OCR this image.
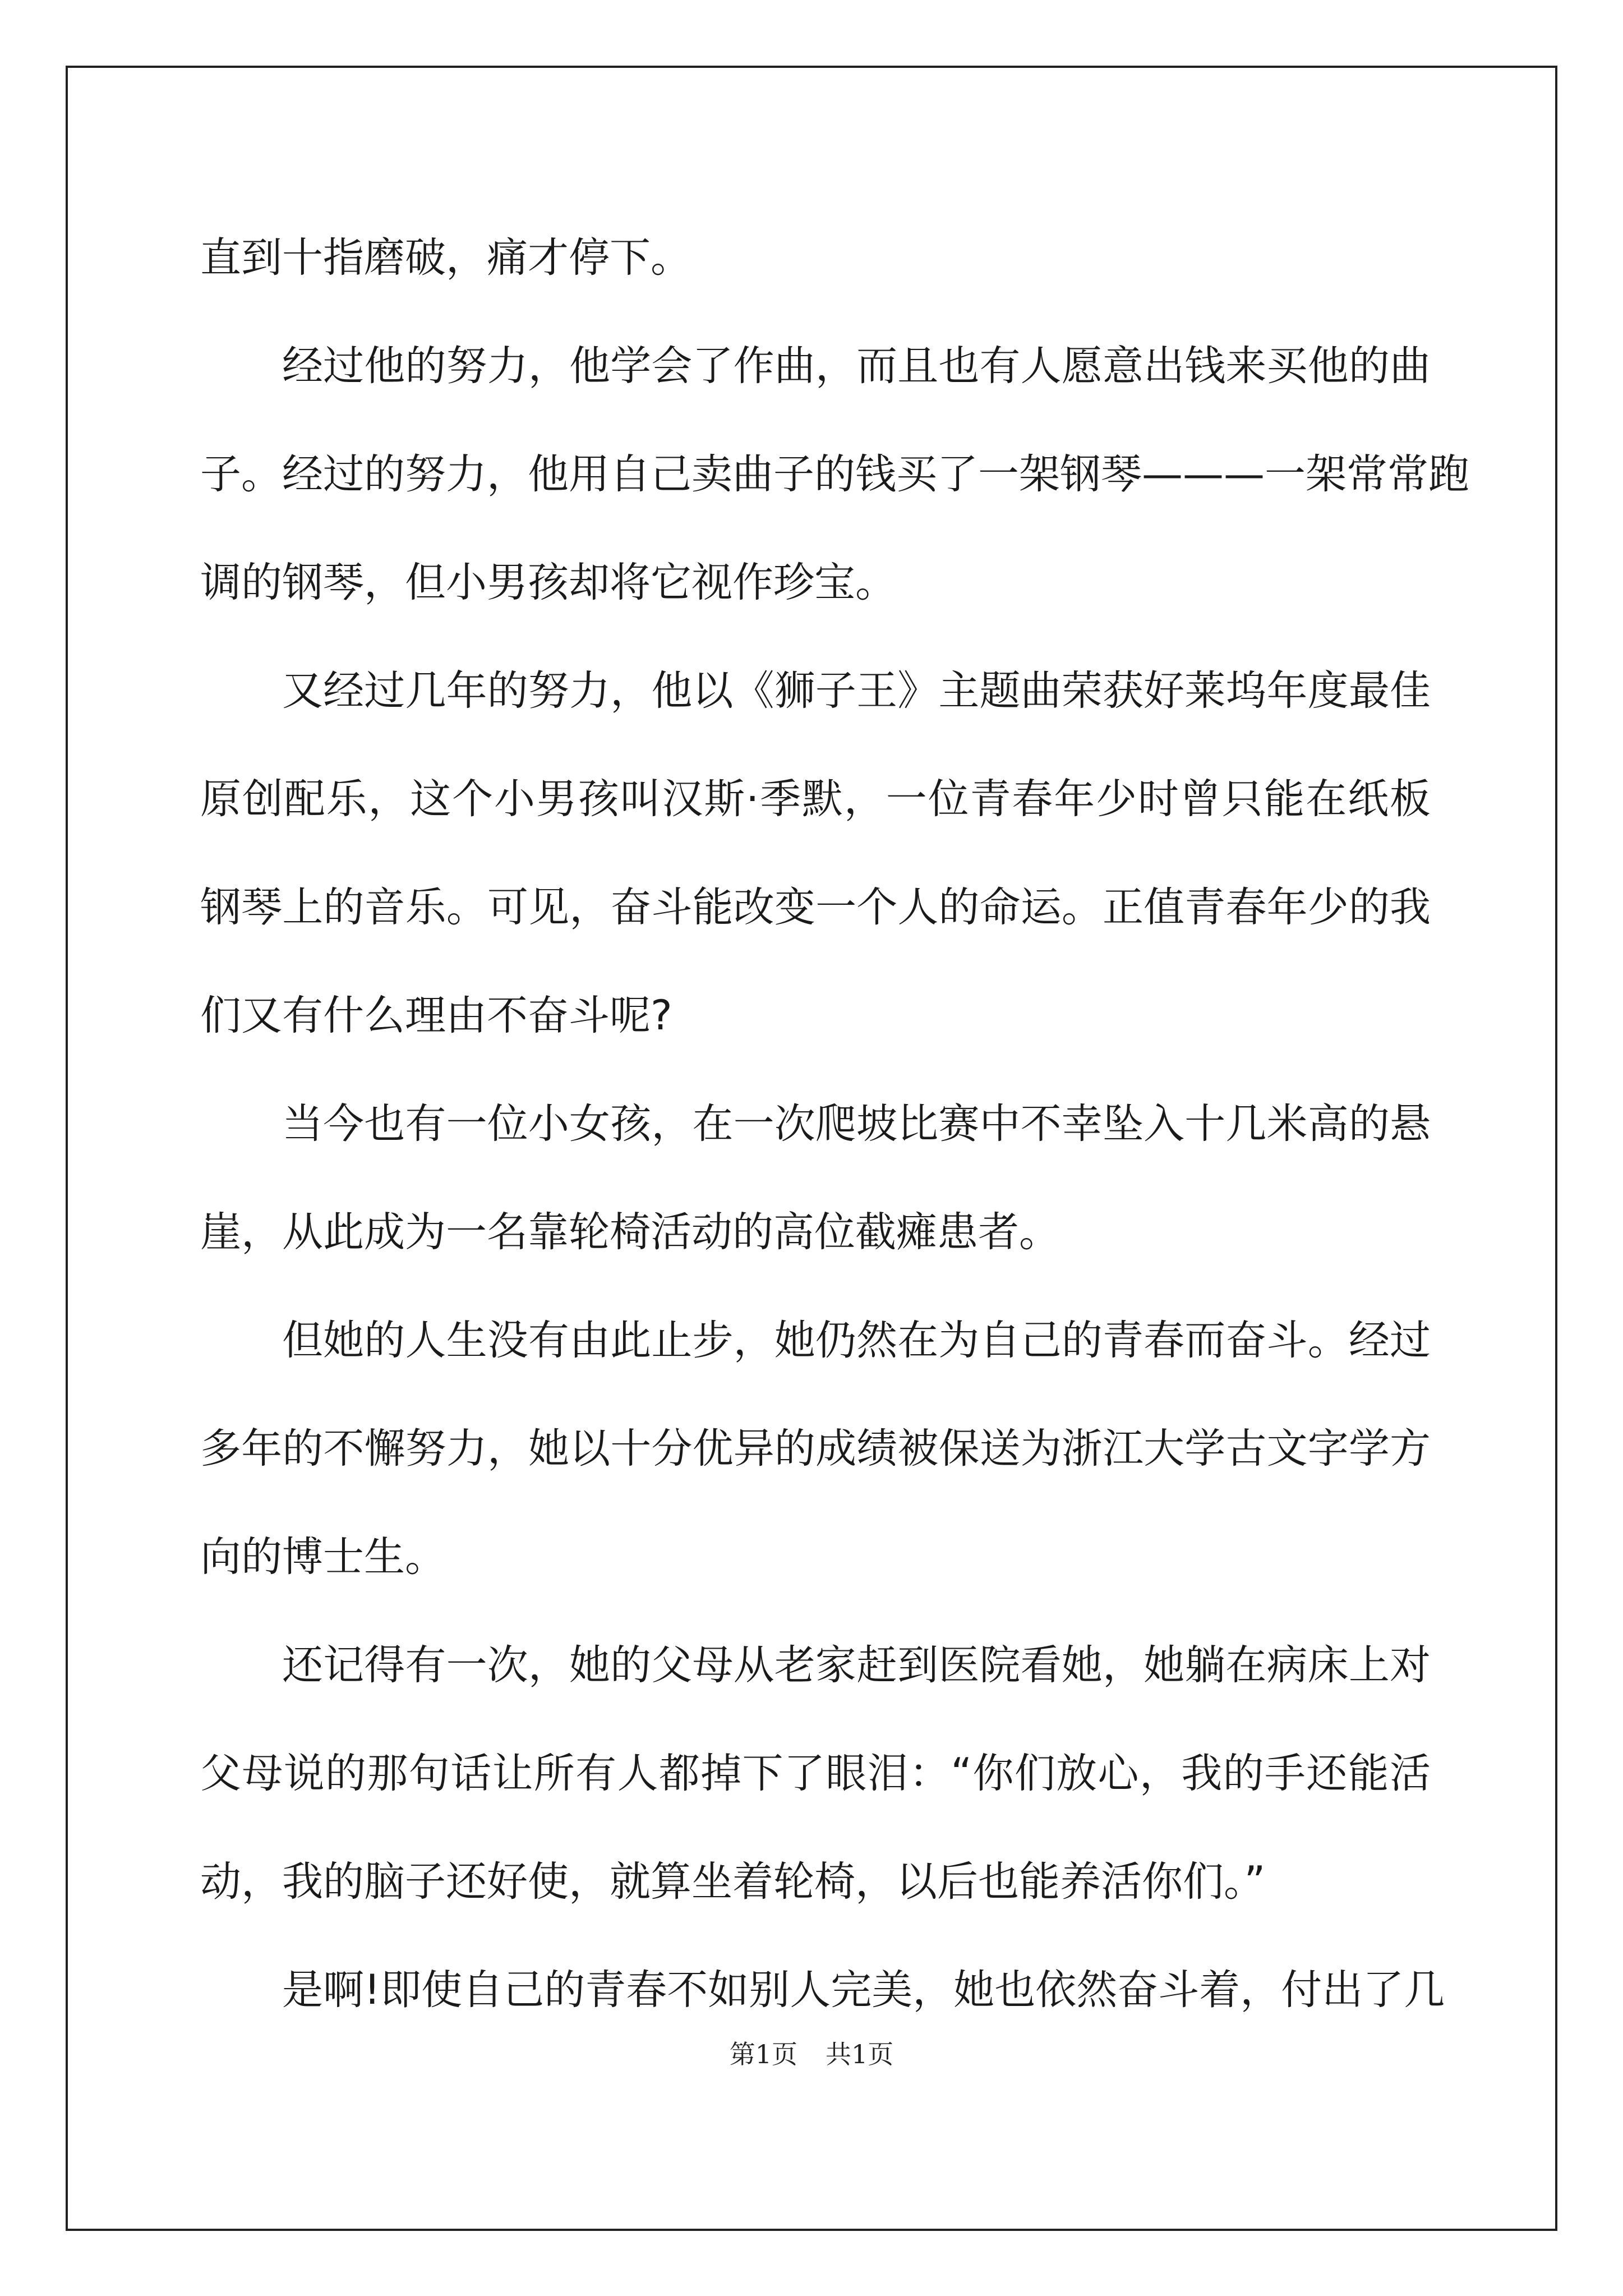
直到十指磨破，痛才停下。
经过他的努力，他学会了作曲，而且也有人愿意出钱来买他的曲
子。经过的努力，他用自己卖曲子的钱买了一架钢琴———一架常常跑
调的钢琴，但小男孩却将它视作珍宝。
又经过几年的努力，他以《狮子王》主题曲荣获好莱坞年度最佳
原创配乐，这个小男孩叫汉斯·季默，一位青春年少时曾只能在纸板
钢琴上的音乐。可见，奋斗能改变一个人的命运。正值青春年少的我
们又有什么理由不奋斗呢?
当今也有一位小女孩，在一次爬坡比赛中不幸坠入十几米高的悬
崖，从此成为一名靠轮椅活动的高位截瘫患者。
但她的人生没有由此止步，她仍然在为自己的青春而奋斗。经过
多年的不懈努力，她以十分优异的成绩被保送为浙江大学古文字学方
向的博士生。
还记得有一次，她的父母从老家赶到医院看她，她躺在病床上对
父母说的那句话让所有人都掉下了眼泪：“你们放心，我的手还能活
动，我的脑子还好使，就算坐着轮椅，以后也能养活你们。”
是啊!即使自己的青春不如别人完美，她也依然奋斗着，付出了几
第1页 共1页
